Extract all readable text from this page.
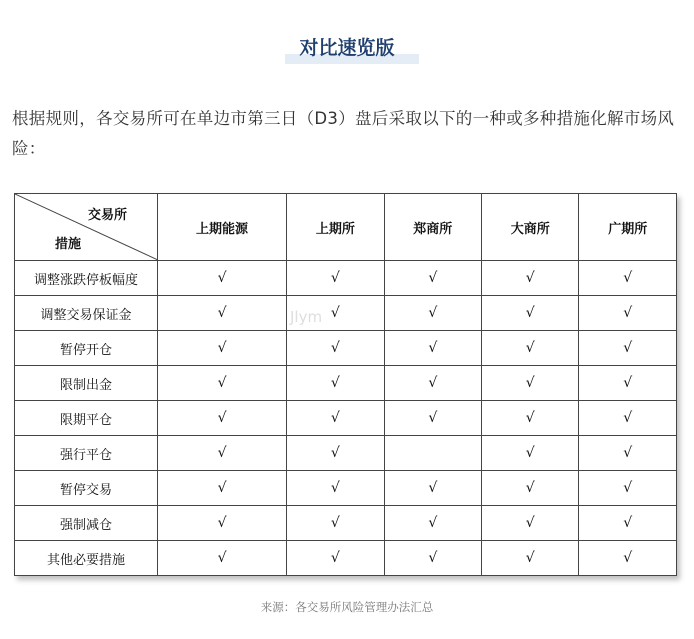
对比速览版
根据规则，各交易所可在单边市第三日（D3）盘后采取以下的一种或多种措施化解市场风险：
交易所
措施	上期能源	上期所	郑商所	大商所	广期所
调整涨跌停板幅度	√	√	√	√	√
调整交易保证金	√	√	√	√	√
暂停开仓	√	√	√	√	√
限制出金	√	√	√	√	√
限期平仓	√	√	√	√	√
强行平仓	√	√		√	√
暂停交易	√	√	√	√	√
强制减仓	√	√	√	√	√
其他必要措施	√	√	√	√	√
Jlym
来源：各交易所风险管理办法汇总
